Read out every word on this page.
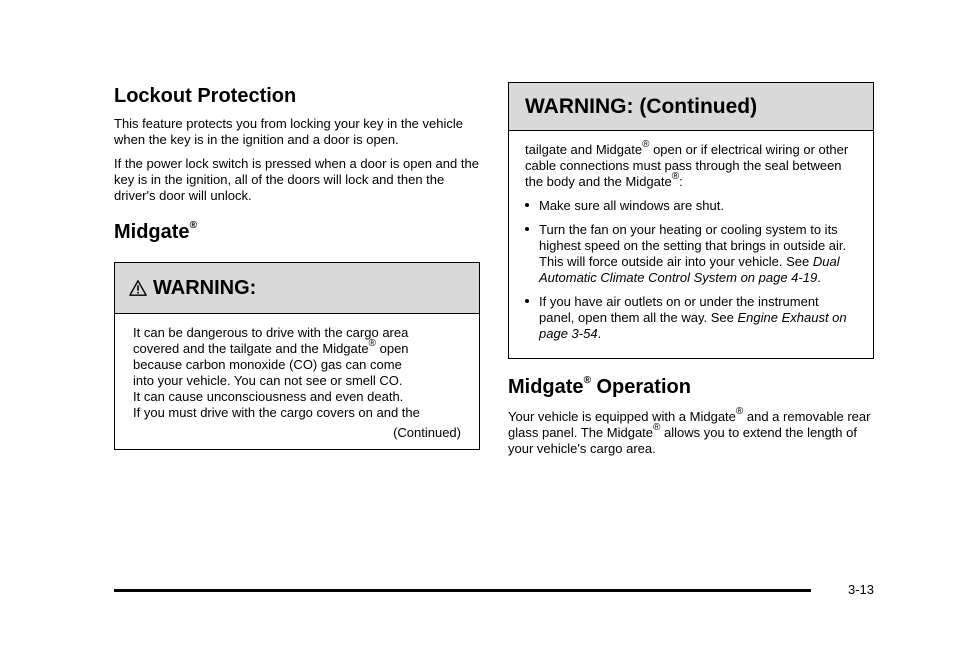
Lockout Protection

This feature protects you from locking your key in the vehicle when the key is in the ignition and a door is open.

If the power lock switch is pressed when a door is open and the key is in the ignition, all of the doors will lock and then the driver's door will unlock.

Midgate®
WARNING:
It can be dangerous to drive with the cargo area
covered and the tailgate and the Midgate® open
because carbon monoxide (CO) gas can come
into your vehicle. You can not see or smell CO.
It can cause unconsciousness and even death.
If you must drive with the cargo covers on and the
(Continued)
WARNING: (Continued)
tailgate and Midgate® open or if electrical wiring or other cable connections must pass through the seal between the body and the Midgate®:
Make sure all windows are shut.
Turn the fan on your heating or cooling system to its highest speed on the setting that brings in outside air. This will force outside air into your vehicle. See Dual Automatic Climate Control System on page 4-19.
If you have air outlets on or under the instrument panel, open them all the way. See Engine Exhaust on page 3-54.
Midgate® Operation

Your vehicle is equipped with a Midgate® and a removable rear glass panel. The Midgate® allows you to extend the length of your vehicle's cargo area.

3-13
